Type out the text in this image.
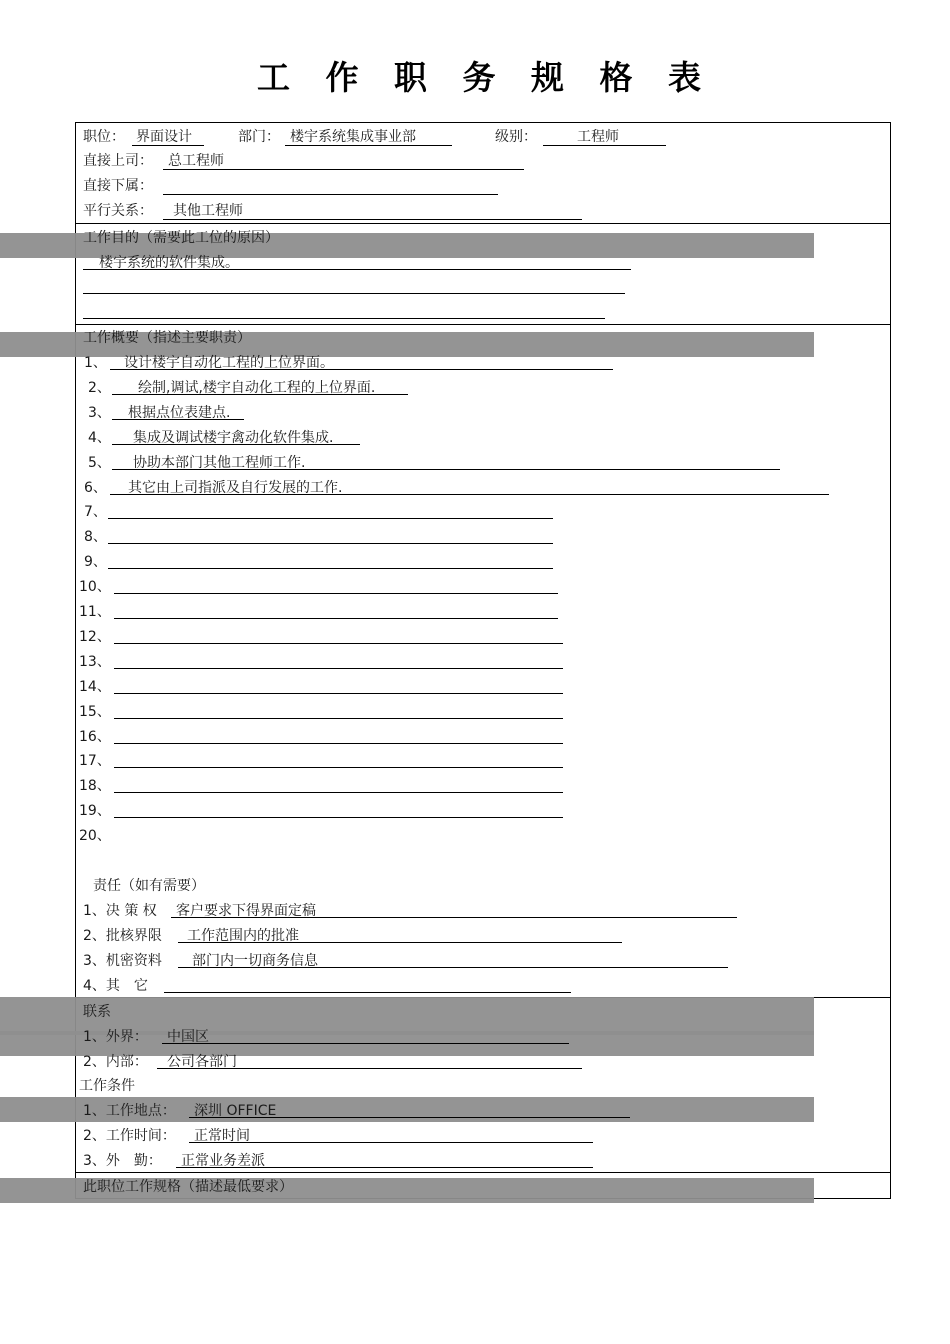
工 作 职 务 规 格 表
职位： 界面设计	部门： 楼宇系统集成事业部	级别：	工程师
直接上司： 总工程师
直接下属：
平行关系： 其他工程师
工作目的（需要此工位的原因）
楼宇系统的软件集成。
工作概要（指述主要职责）
1、 设计楼宇自动化工程的上位界面。
2、 绘制,调试,楼宇自动化工程的上位界面.
3、 根据点位表建点.
4、 集成及调试楼宇禽动化软件集成.
5、 协助本部门其他工程师工作.
6、 其它由上司指派及自行发展的工作.
7、
8、
9、
10、
11、
12、
13、
14、
15、
16、
17、
18、
19、
20、
责任（如有需要）
1、决 策 权 客户要求下得界面定稿
2、批核界限 工作范围内的批准
3、机密资料 部门内一切商务信息
4、其　它
联系
1、外界： 中国区
2、内部： 公司各部门
工作条件
1、工作地点： 深圳 OFFICE
2、工作时间： 正常时间
3、外　勤： 正常业务差派
此职位工作规格（描述最低要求）
